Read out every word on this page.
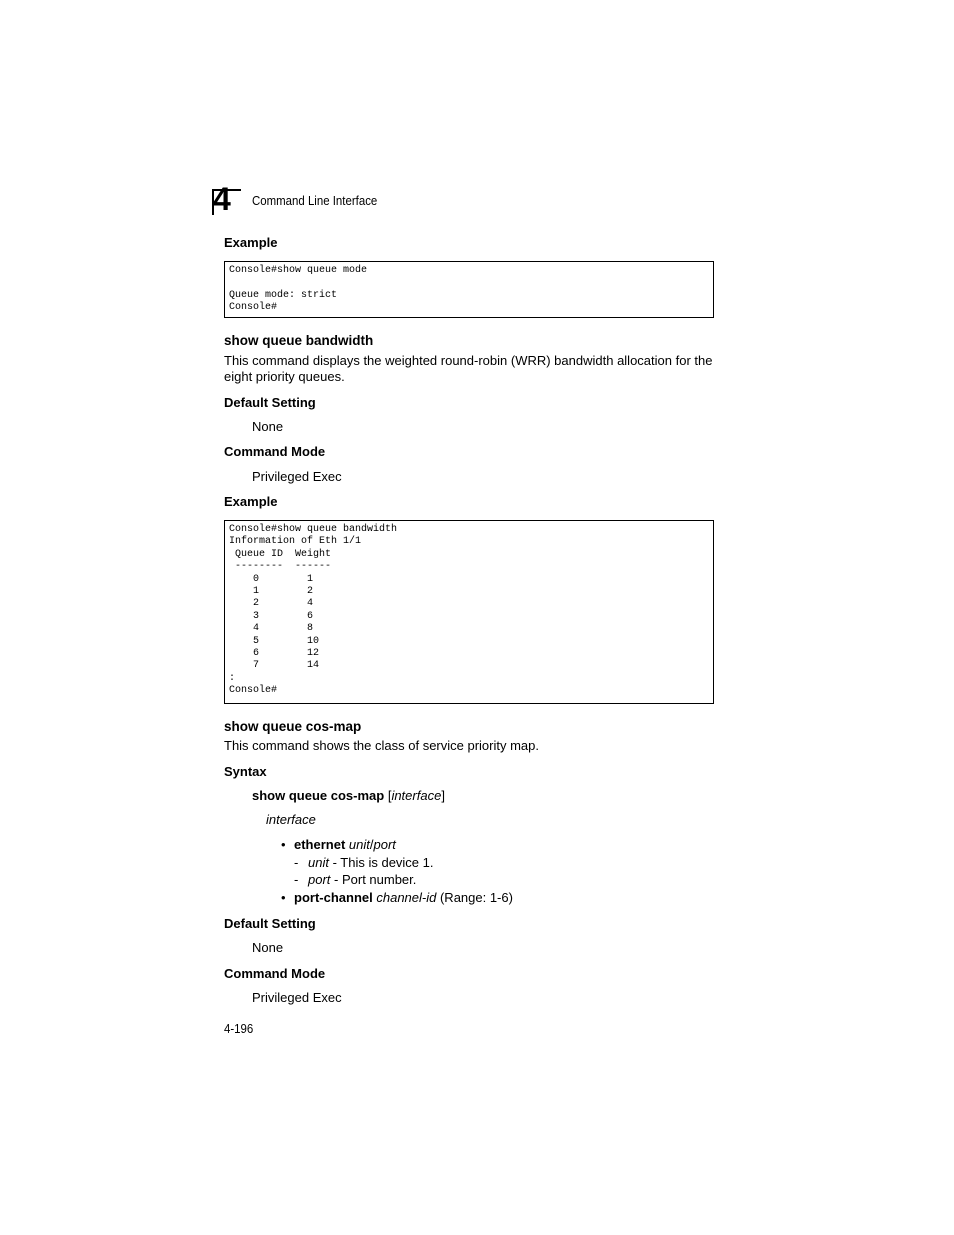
4 Command Line Interface
Example
Console#show queue mode
Queue mode: strict
Console#
show queue bandwidth
This command displays the weighted round-robin (WRR) bandwidth allocation for the eight priority queues.
Default Setting
None
Command Mode
Privileged Exec
Example
Console#show queue bandwidth
Information of Eth 1/1
Queue ID  Weight
--------  ------
0        1
1        2
2        4
3        6
4        8
5        10
6        12
7        14
:
Console#
show queue cos-map
This command shows the class of service priority map.
Syntax
show queue cos-map [interface]
interface
• ethernet unit/port
- unit - This is device 1.
- port - Port number.
• port-channel channel-id (Range: 1-6)
Default Setting
None
Command Mode
Privileged Exec
4-196
